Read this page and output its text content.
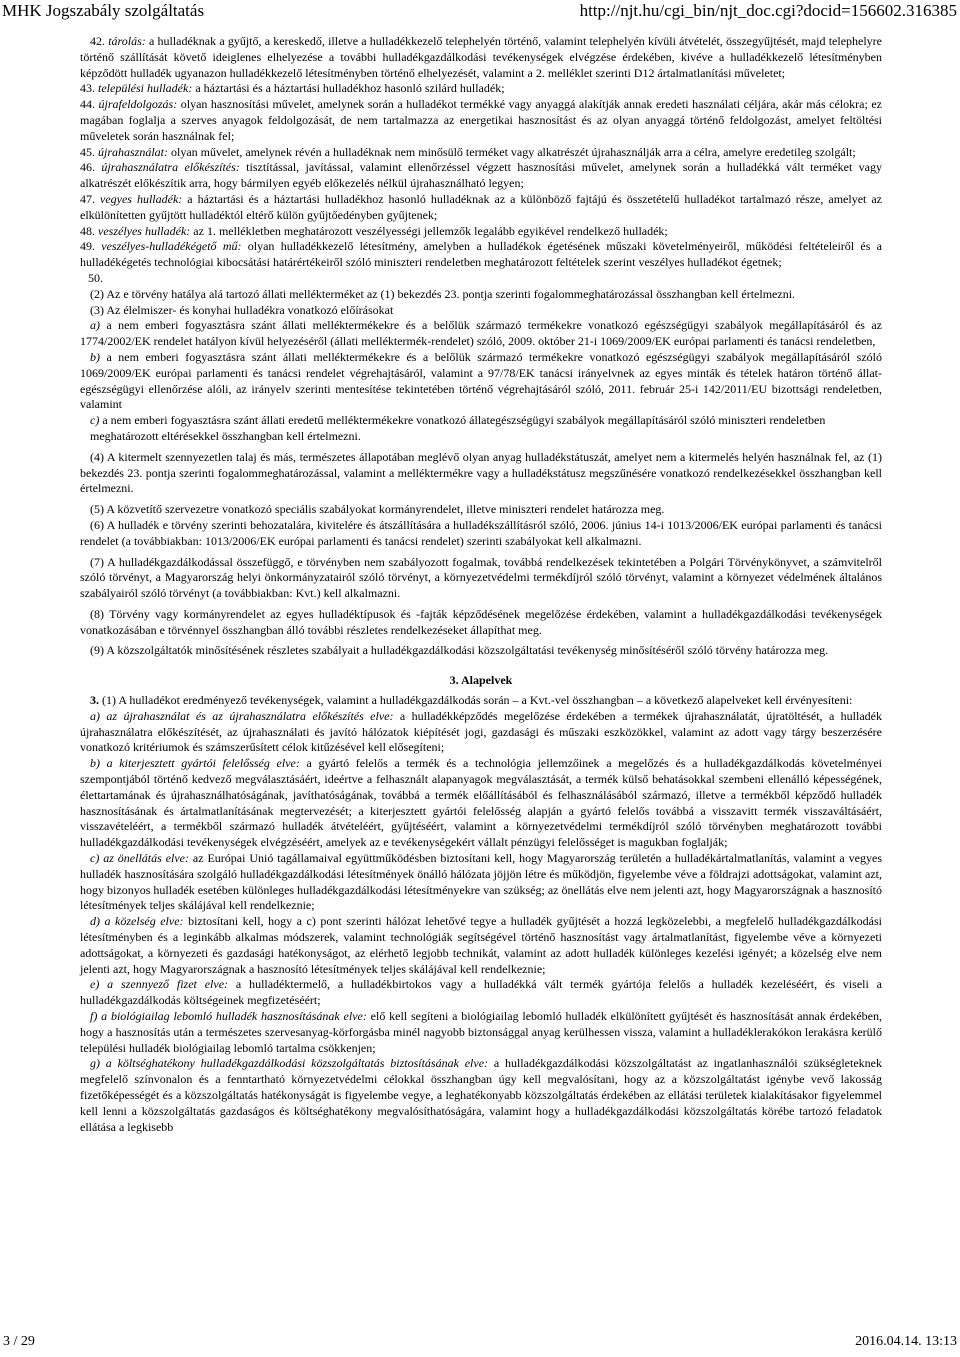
MHK Jogszabály szolgáltatás	http://njt.hu/cgi_bin/njt_doc.cgi?docid=156602.316385

42. tárolás: a hulladéknak a gyűjtő, a kereskedő, illetve a hulladékkezelő telephelyén történő, valamint telephelyén kívüli átvételét, összegyűjtését, majd telephelyre történő szállítását követő ideiglenes elhelyezése a további hulladékgazdálkodási tevékenységek elvégzése érdekében, kivéve a hulladékkezelő létesítményben képződött hulladék ugyanazon hulladékkezelő létesítményben történő elhelyezését, valamint a 2. melléklet szerinti D12 ártalmatlanítási műveletet;

43. települési hulladék: a háztartási és a háztartási hulladékhoz hasonló szilárd hulladék;

44. újrafeldolgozás: olyan hasznosítási művelet, amelynek során a hulladékot termékké vagy anyaggá alakítják annak eredeti használati céljára, akár más célokra; ez magában foglalja a szerves anyagok feldolgozását, de nem tartalmazza az energetikai hasznosítást és az olyan anyaggá történő feldolgozást, amelyet feltöltési műveletek során használnak fel;

45. újrahasználat: olyan művelet, amelynek révén a hulladéknak nem minősülő terméket vagy alkatrészét újrahasználják arra a célra, amelyre eredetileg szolgált;

46. újrahasználatra előkészítés: tisztítással, javítással, valamint ellenőrzéssel végzett hasznosítási művelet, amelynek során a hulladékká vált terméket vagy alkatrészét előkészítik arra, hogy bármilyen egyéb előkezelés nélkül újrahasználható legyen;

47. vegyes hulladék: a háztartási és a háztartási hulladékhoz hasonló hulladéknak az a különböző fajtájú és összetételű hulladékot tartalmazó része, amelyet az elkülönítetten gyűjtött hulladéktól eltérő külön gyűjtőedényben gyűjtenek;

48. veszélyes hulladék: az 1. mellékletben meghatározott veszélyességi jellemzők legalább egyikével rendelkező hulladék;

49. veszélyes-hulladékégető mű: olyan hulladékkezelő létesítmény, amelyben a hulladékok égetésének műszaki követelményeiről, működési feltételeiről és a hulladékégetés technológiai kibocsátási határértékeiről szóló miniszteri rendeletben meghatározott feltételek szerint veszélyes hulladékot égetnek;

50.

(2) Az e törvény hatálya alá tartozó állati mellékterméket az (1) bekezdés 23. pontja szerinti fogalommeghatározással összhangban kell értelmezni.

(3) Az élelmiszer- és konyhai hulladékra vonatkozó előírásokat

a) a nem emberi fogyasztásra szánt állati melléktermékekre és a belőlük származó termékekre vonatkozó egészségügyi szabályok megállapításáról és az 1774/2002/EK rendelet hatályon kívül helyezéséről (állati melléktermék-rendelet) szóló, 2009. október 21-i 1069/2009/EK európai parlamenti és tanácsi rendeletben,

b) a nem emberi fogyasztásra szánt állati melléktermékekre és a belőlük származó termékekre vonatkozó egészségügyi szabályok megállapításáról szóló 1069/2009/EK európai parlamenti és tanácsi rendelet végrehajtásáról, valamint a 97/78/EK tanácsi irányelvnek az egyes minták és tételek határon történő állat-egészségügyi ellenőrzése alóli, az irányelv szerinti mentesítése tekintetében történő végrehajtásáról szóló, 2011. február 25-i 142/2011/EU bizottsági rendeletben, valamint

c) a nem emberi fogyasztásra szánt állati eredetű melléktermékekre vonatkozó állategészségügyi szabályok megállapításáról szóló miniszteri rendeletben

meghatározott eltérésekkel összhangban kell értelmezni.

(4) A kitermelt szennyezetlen talaj és más, természetes állapotában meglévő olyan anyag hulladékstátuszát, amelyet nem a kitermelés helyén használnak fel, az (1) bekezdés 23. pontja szerinti fogalommeghatározással, valamint a melléktermékre vagy a hulladékstátusz megszűnésére vonatkozó rendelkezésekkel összhangban kell értelmezni.

(5) A közvetítő szervezetre vonatkozó speciális szabályokat kormányrendelet, illetve miniszteri rendelet határozza meg.

(6) A hulladék e törvény szerinti behozatalára, kivitelére és átszállítására a hulladékszállításról szóló, 2006. június 14-i 1013/2006/EK európai parlamenti és tanácsi rendelet (a továbbiakban: 1013/2006/EK európai parlamenti és tanácsi rendelet) szerinti szabályokat kell alkalmazni.

(7) A hulladékgazdálkodással összefüggő, e törvényben nem szabályozott fogalmak, továbbá rendelkezések tekintetében a Polgári Törvénykönyvet, a számvitelről szóló törvényt, a Magyarország helyi önkormányzatairól szóló törvényt, a környezetvédelmi termékdíjról szóló törvényt, valamint a környezet védelmének általános szabályairól szóló törvényt (a továbbiakban: Kvt.) kell alkalmazni.

(8) Törvény vagy kormányrendelet az egyes hulladéktípusok és -fajták képződésének megelőzése érdekében, valamint a hulladékgazdálkodási tevékenységek vonatkozásában e törvénnyel összhangban álló további részletes rendelkezéseket állapíthat meg.

(9) A közszolgáltatók minősítésének részletes szabályait a hulladékgazdálkodási közszolgáltatási tevékenység minősítéséről szóló törvény határozza meg.

3. Alapelvek

3. (1) A hulladékot eredményező tevékenységek, valamint a hulladékgazdálkodás során – a Kvt.-vel összhangban – a következő alapelveket kell érvényesíteni:

a) az újrahasználat és az újrahasználatra előkészítés elve: a hulladékképződés megelőzése érdekében a termékek újrahasználatát, újratöltését, a hulladék újrahasználatra előkészítését, az újrahasználati és javító hálózatok kiépítését jogi, gazdasági és műszaki eszközökkel, valamint az adott vagy tárgy beszerzésére vonatkozó kritériumok és számszerűsített célok kitűzésével kell elősegíteni;

b) a kiterjesztett gyártói felelősség elve: a gyártó felelős a termék és a technológia jellemzőinek a megelőzés és a hulladékgazdálkodás követelményei szempontjából történő kedvező megválasztásáért, ideértve a felhasznált alapanyagok megválasztását, a termék külső behatásokkal szembeni ellenálló képességének, élettartamának és újrahasználhatóságának, javíthatóságának, továbbá a termék előállításából és felhasználásából származó, illetve a termékből képződő hulladék hasznosításának és ártalmatlanításának megtervezését; a kiterjesztett gyártói felelősség alapján a gyártó felelős továbbá a visszavitt termék visszaváltásáért, visszavételéért, a termékből származó hulladék átvételéért, gyűjtéséért, valamint a környezetvédelmi termékdíjról szóló törvényben meghatározott további hulladékgazdálkodási tevékenységek elvégzéséért, amelyek az e tevékenységekért vállalt pénzügyi felelősséget is magukban foglalják;

c) az önellátás elve: az Európai Unió tagállamaival együttműködésben biztosítani kell, hogy Magyarország területén a hulladékártalmatlanítás, valamint a vegyes hulladék hasznosítására szolgáló hulladékgazdálkodási létesítmények önálló hálózata jöjjön létre és működjön, figyelembe véve a földrajzi adottságokat, valamint azt, hogy bizonyos hulladék esetében különleges hulladékgazdálkodási létesítményekre van szükség; az önellátás elve nem jelenti azt, hogy Magyarországnak a hasznosító létesítmények teljes skálájával kell rendelkeznie;

d) a közelség elve: biztosítani kell, hogy a c) pont szerinti hálózat lehetővé tegye a hulladék gyűjtését a hozzá legközelebbi, a megfelelő hulladékgazdálkodási létesítményben és a leginkább alkalmas módszerek, valamint technológiák segítségével történő hasznosítást vagy ártalmatlanítást, figyelembe véve a környezeti adottságokat, a környezeti és gazdasági hatékonyságot, az elérhető legjobb technikát, valamint az adott hulladék különleges kezelési igényét; a közelség elve nem jelenti azt, hogy Magyarországnak a hasznosító létesítmények teljes skálájával kell rendelkeznie;

e) a szennyező fizet elve: a hulladéktermelő, a hulladékbirtokos vagy a hulladékká vált termék gyártója felelős a hulladék kezeléséért, és viseli a hulladékgazdálkodás költségeinek megfizetéséért;

f) a biológiailag lebomló hulladék hasznosításának elve: elő kell segíteni a biológiailag lebomló hulladék elkülönített gyűjtését és hasznosítását annak érdekében, hogy a hasznosítás után a természetes szervesanyag-körforgásba minél nagyobb biztonsággal anyag kerülhessen vissza, valamint a hulladéklerakókon lerakásra kerülő települési hulladék biológiailag lebomló tartalma csökkenjen;

g) a költséghatékony hulladékgazdálkodási közszolgáltatás biztosításának elve: a hulladékgazdálkodási közszolgáltatást az ingatlanhasználói szükségleteknek megfelelő színvonalon és a fenntartható környezetvédelmi célokkal összhangban úgy kell megvalósítani, hogy az a közszolgáltatást igénybe vevő lakosság fizetőképességét és a közszolgáltatás hatékonyságát is figyelembe vegye, a leghatékonyabb közszolgáltatás érdekében az ellátási területek kialakításakor figyelemmel kell lenni a közszolgáltatás gazdaságos és költséghatékony megvalósíthatóságára, valamint hogy a hulladékgazdálkodási közszolgáltatás körébe tartozó feladatok ellátása a legkisebb

3 / 29	2016.04.14. 13:13
